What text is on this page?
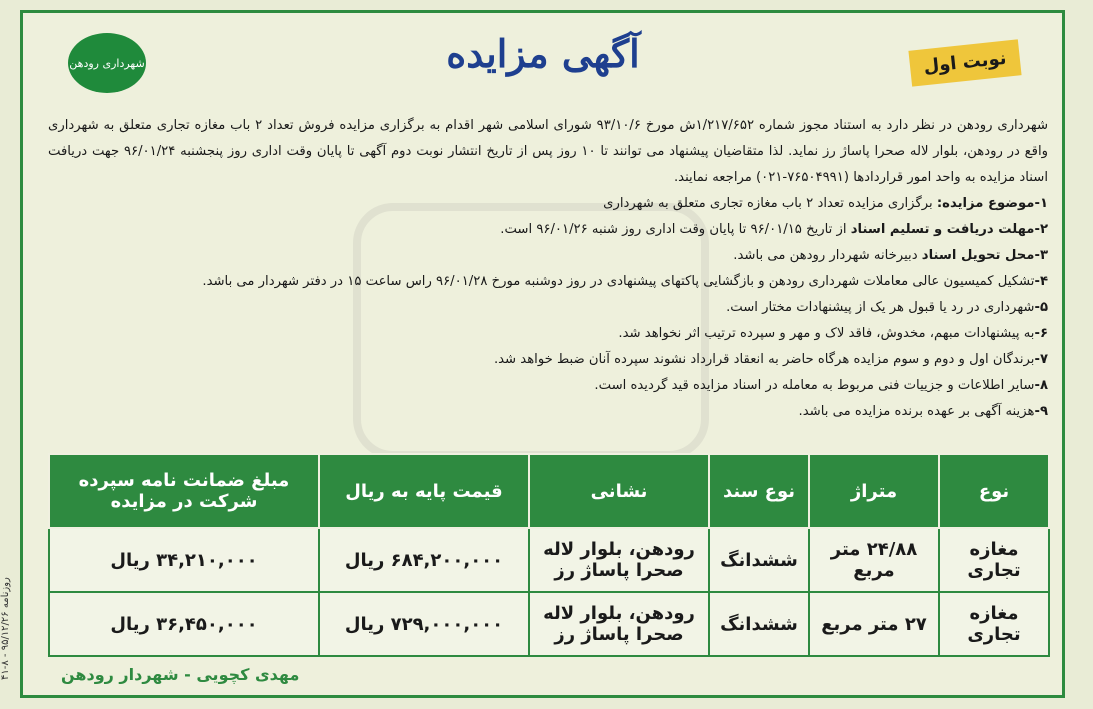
شهرداری رودهن	آگهی مزایده	نوبت اول

شهرداری رودهن در نظر دارد به استناد مجوز شماره ۱/۲۱۷/۶۵۲ش مورخ ۹۳/۱۰/۶ شورای اسلامی شهر اقدام به برگزاری مزایده فروش تعداد ۲ باب مغازه تجاری متعلق به شهرداری واقع در رودهن، بلوار لاله صحرا پاساژ رز نماید. لذا متقاضیان پیشنهاد می توانند تا ۱۰ روز پس از تاریخ انتشار نوبت دوم آگهی تا پایان وقت اداری روز پنجشنبه ۹۶/۰۱/۲۴ جهت دریافت اسناد مزایده به واحد امور قراردادها (۷۶۵۰۴۹۹۱-۰۲۱) مراجعه نمایند.

۱-موضوع مزایده: برگزاری مزایده تعداد ۲ باب مغازه تجاری متعلق به شهرداری
۲-مهلت دریافت و تسلیم اسناد از تاریخ ۹۶/۰۱/۱۵ تا پایان وقت اداری روز شنبه ۹۶/۰۱/۲۶ است.
۳-محل تحویل اسناد دبیرخانه شهردار رودهن می باشد.
۴-تشکیل کمیسیون عالی معاملات شهرداری رودهن و بازگشایی پاکتهای پیشنهادی در روز دوشنبه مورخ ۹۶/۰۱/۲۸ راس ساعت ۱۵ در دفتر شهردار می باشد.
۵-شهرداری در رد یا قبول هر یک از پیشنهادات مختار است.
۶-به پیشنهادات مبهم، مخدوش، فاقد لاک و مهر و سپرده ترتیب اثر نخواهد شد.
۷-برندگان اول و دوم و سوم مزایده هرگاه حاضر به انعقاد قرارداد نشوند سپرده آنان ضبط خواهد شد.
۸-سایر اطلاعات و جزییات فنی مربوط به معامله در اسناد مزایده قید گردیده است.
۹-هزینه آگهی بر عهده برنده مزایده می باشد.
نوع	متراژ	نوع سند	نشانی	قیمت پایه به ریال	مبلغ ضمانت نامه سپرده شرکت در مزایده
مغازه تجاری	۲۴/۸۸ متر مربع	ششدانگ	رودهن، بلوار لاله صحرا پاساژ رز	۶۸۴,۲۰۰,۰۰۰ ریال	۳۴,۲۱۰,۰۰۰ ریال
مغازه تجاری	۲۷ متر مربع	ششدانگ	رودهن، بلوار لاله صحرا پاساژ رز	۷۲۹,۰۰۰,۰۰۰ ریال	۳۶,۴۵۰,۰۰۰ ریال
مهدی کچویی - شهردار رودهن
روزنامه ۹۵/۱۲/۲۶ - ۸-۴۱
